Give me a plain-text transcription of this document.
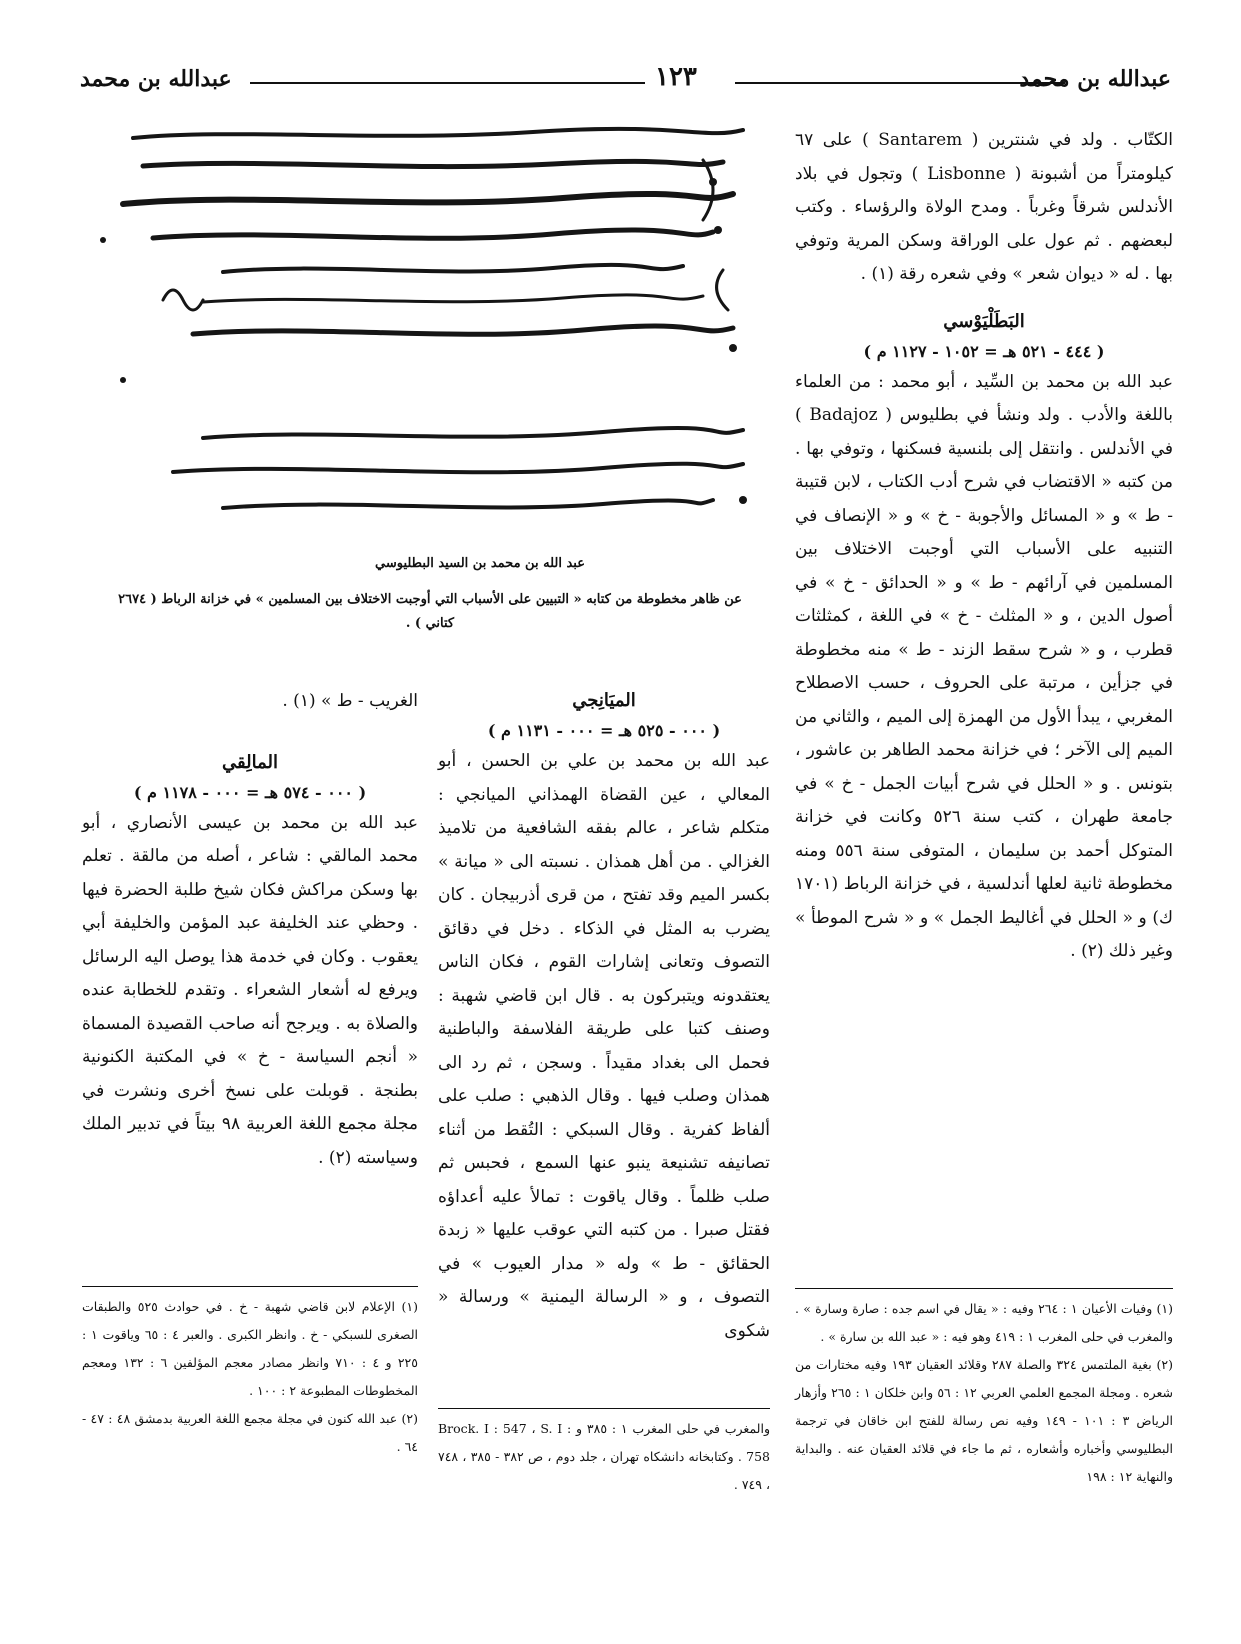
عبدالله بن محمد
١٢٣
عبدالله بن محمد

الكتّاب . ولد في شنترين ( Santarem ) على ٦٧ كيلومتراً من أشبونة ( Lisbonne ) وتجول في بلاد الأندلس شرقاً وغرباً . ومدح الولاة والرؤساء . وكتب لبعضهم . ثم عول على الوراقة وسكن المرية وتوفي بها . له « ديوان شعر » وفي شعره رقة (١) .

البَطَلْيَوْسي

( ٤٤٤ - ٥٢١ هـ = ١٠٥٢ - ١١٢٧ م )

عبد الله بن محمد بن السِّيد ، أبو محمد : من العلماء باللغة والأدب . ولد ونشأ في بطليوس ( Badajoz ) في الأندلس . وانتقل إلى بلنسية فسكنها ، وتوفي بها . من كتبه « الاقتضاب في شرح أدب الكتاب ، لابن قتيبة - ط » و « المسائل والأجوبة - خ » و « الإنصاف في التنبيه على الأسباب التي أوجبت الاختلاف بين المسلمين في آرائهم - ط » و « الحدائق - خ » في أصول الدين ، و « المثلث - خ » في اللغة ، كمثلثات قطرب ، و « شرح سقط الزند - ط » منه مخطوطة في جزأين ، مرتبة على الحروف ، حسب الاصطلاح المغربي ، يبدأ الأول من الهمزة إلى الميم ، والثاني من الميم إلى الآخر ؛ في خزانة محمد الطاهر بن عاشور ، بتونس . و « الحلل في شرح أبيات الجمل - خ » في جامعة طهران ، كتب سنة ٥٢٦ وكانت في خزانة المتوكل أحمد بن سليمان ، المتوفى سنة ٥٥٦ ومنه مخطوطة ثانية لعلها أندلسية ، في خزانة الرباط (١٧٠١ ك) و « الحلل في أغاليط الجمل » و « شرح الموطأ » وغير ذلك (٢) .

عبد الله بن محمد بن السيد البطليوسي
عن ظاهر مخطوطة من كتابه « التبيين على الأسباب التي أوجبت الاختلاف بين المسلمين » في خزانة الرباط ( ٢٦٧٤ كتاني ) .

الميَانِجي

( ٠٠٠ - ٥٢٥ هـ = ٠٠٠ - ١١٣١ م )

عبد الله بن محمد بن علي بن الحسن ، أبو المعالي ، عين القضاة الهمذاني الميانجي : متكلم شاعر ، عالم بفقه الشافعية من تلاميذ الغزالي . من أهل همذان . نسبته الى « ميانة » بكسر الميم وقد تفتح ، من قرى أذربيجان . كان يضرب به المثل في الذكاء . دخل في دقائق التصوف وتعانى إشارات القوم ، فكان الناس يعتقدونه ويتبركون به . قال ابن قاضي شهبة : وصنف كتبا على طريقة الفلاسفة والباطنية فحمل الى بغداد مقيداً . وسجن ، ثم رد الى همذان وصلب فيها . وقال الذهبي : صلب على ألفاظ كفرية . وقال السبكي : التُقط من أثناء تصانيفه تشنيعة ينبو عنها السمع ، فحبس ثم صلب ظلماً . وقال ياقوت : تمالأ عليه أعداؤه فقتل صبرا . من كتبه التي عوقب عليها « زبدة الحقائق - ط » وله « مدار العيوب » في التصوف ، و « الرسالة اليمنية » ورسالة « شكوى

الغريب - ط » (١) .

المالِقي

( ٠٠٠ - ٥٧٤ هـ = ٠٠٠ - ١١٧٨ م )

عبد الله بن محمد بن عيسى الأنصاري ، أبو محمد المالقي : شاعر ، أصله من مالقة . تعلم بها وسكن مراكش فكان شيخ طلبة الحضرة فيها . وحظي عند الخليفة عبد المؤمن والخليفة أبي يعقوب . وكان في خدمة هذا يوصل اليه الرسائل ويرفع له أشعار الشعراء . وتقدم للخطابة عنده والصلاة به . ويرجح أنه صاحب القصيدة المسماة « أنجم السياسة - خ » في المكتبة الكنونية بطنجة . قوبلت على نسخ أخرى ونشرت في مجلة مجمع اللغة العربية ٩٨ بيتاً في تدبير الملك وسياسته (٢) .

(١) وفيات الأعيان ١ : ٢٦٤ وفيه : « يقال في اسم جده : صارة وسارة » . والمغرب في حلى المغرب ١ : ٤١٩ وهو فيه : « عبد الله بن سارة » .

(٢) بغية الملتمس ٣٢٤ والصلة ٢٨٧ وقلائد العقيان ١٩٣ وفيه مختارات من شعره . ومجلة المجمع العلمي العربي ١٢ : ٥٦ وابن خلكان ١ : ٢٦٥ وأزهار الرياض ٣ : ١٠١ - ١٤٩ وفيه نص رسالة للفتح ابن خاقان في ترجمة البطليوسي وأخباره وأشعاره ، ثم ما جاء في قلائد العقيان عنه . والبداية والنهاية ١٢ : ١٩٨

والمغرب في حلى المغرب ١ : ٣٨٥ و Brock. I : 547 ، S. I : 758 . وكتابخانه دانشكاه تهران ، جلد دوم ، ص ٣٨٢ - ٣٨٥ ، ٧٤٨ ، ٧٤٩ .

(١) الإعلام لابن قاضي شهبة - خ . في حوادث ٥٢٥ والطبقات الصغرى للسبكي - خ . وانظر الكبرى . والعبر ٤ : ٦٥ وياقوت ١ : ٢٢٥ و ٤ : ٧١٠ وانظر مصادر معجم المؤلفين ٦ : ١٣٢ ومعجم المخطوطات المطبوعة ٢ : ١٠٠ .

(٢) عبد الله كنون في مجلة مجمع اللغة العربية بدمشق ٤٨ : ٤٧ - ٦٤ .
